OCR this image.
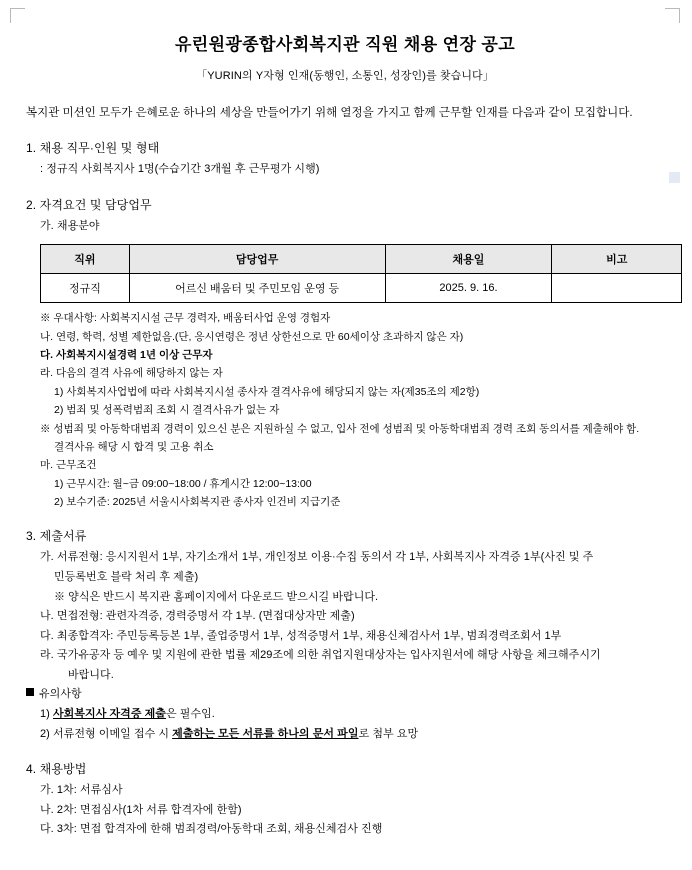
유린원광종합사회복지관 직원 채용 연장 공고
「YURIN의 Y자형 인재(동행인, 소통인, 성장인)를 찾습니다」
복지관 미션인 모두가 은혜로운 하나의 세상을 만들어가기 위해 열정을 가지고 함께 근무할 인재를 다음과 같이 모집합니다.
1. 채용 직무·인원 및 형태
: 정규직 사회복지사 1명(수습기간 3개월 후 근무평가 시행)
2. 자격요건 및 담당업무
가. 채용분야
직위	담당업무	채용일	비고
정규직	어르신 배움터 및 주민모임 운영 등	2025. 9. 16.	
※ 우대사항: 사회복지시설 근무 경력자, 배움터사업 운영 경험자
나. 연령, 학력, 성별 제한없음.(단, 응시연령은 정년 상한선으로 만 60세이상 초과하지 않은 자)
다. 사회복지시설경력 1년 이상 근무자
라. 다음의 결격 사유에 해당하지 않는 자
1) 사회복지사업법에 따라 사회복지시설 종사자 결격사유에 해당되지 않는 자(제35조의 제2항)
2) 범죄 및 성폭력범죄 조회 시 결격사유가 없는 자
※ 성범죄 및 아동학대범죄 경력이 있으신 분은 지원하실 수 없고, 입사 전에 성범죄 및 아동학대범죄 경력 조회 동의서를 제출해야 함.
결격사유 해당 시 합격 및 고용 취소
마. 근무조건
1) 근무시간: 월~금 09:00~18:00 / 휴게시간 12:00~13:00
2) 보수기준: 2025년 서울시사회복지관 종사자 인건비 지급기준
3. 제출서류
가. 서류전형: 응시지원서 1부, 자기소개서 1부, 개인정보 이용·수집 동의서 각 1부, 사회복지사 자격증 1부(사진 및 주
민등록번호 블락 처리 후 제출)
※ 양식은 반드시 복지관 홈페이지에서 다운로드 받으시길 바랍니다.
나. 면접전형: 관련자격증, 경력증명서 각 1부. (면접대상자만 제출)
다. 최종합격자: 주민등록등본 1부, 졸업증명서 1부, 성적증명서 1부, 채용신체검사서 1부, 범죄경력조회서 1부
라. 국가유공자 등 예우 및 지원에 관한 법률 제29조에 의한 취업지원대상자는 입사지원서에 해당 사항을 체크해주시기
바랍니다.
유의사항
1) 사회복지사 자격증 제출은 필수임.
2) 서류전형 이메일 접수 시 제출하는 모든 서류를 하나의 문서 파일로 첨부 요망
4. 채용방법
가. 1차: 서류심사
나. 2차: 면접심사(1차 서류 합격자에 한함)
다. 3차: 면접 합격자에 한해 범죄경력/아동학대 조회, 채용신체검사 진행
